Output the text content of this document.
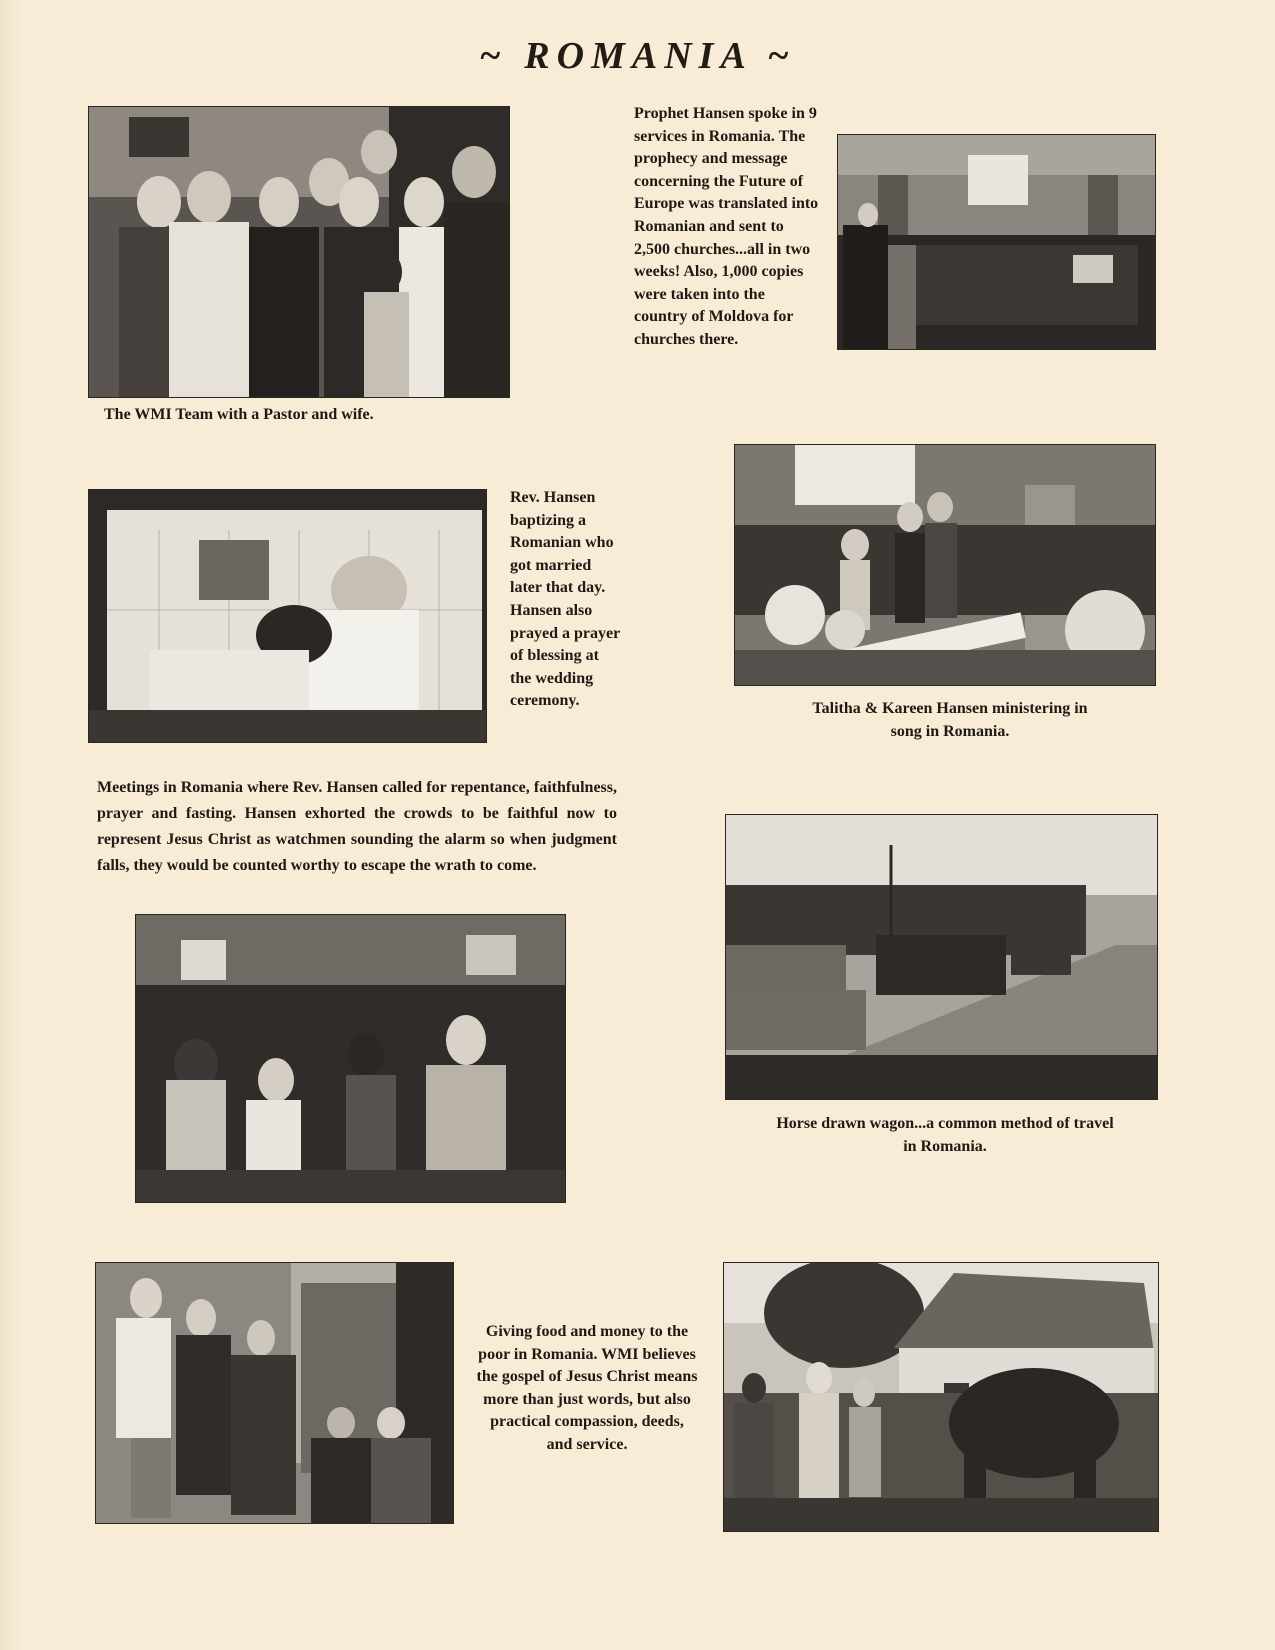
~ ROMANIA ~
The WMI Team with a Pastor and wife.
Prophet Hansen spoke in 9 services in Romania. The prophecy and message concerning the Future of Europe was translated into Romanian and sent to 2,500 churches...all in two weeks! Also, 1,000 copies were taken into the country of Moldova for churches there.
Rev. Hansen baptizing a Romanian who got married later that day. Hansen also prayed a prayer of blessing at the wedding ceremony.	Talitha & Kareen Hansen ministering in song in Romania.
Meetings in Romania where Rev. Hansen called for repentance, faithfulness, prayer and fasting. Hansen exhorted the crowds to be faithful now to represent Jesus Christ as watchmen sounding the alarm so when judgment falls, they would be counted worthy to escape the wrath to come.
Horse drawn wagon...a common method of travel in Romania.
Giving food and money to the poor in Romania. WMI believes the gospel of Jesus Christ means more than just words, but also practical compassion, deeds, and service.
